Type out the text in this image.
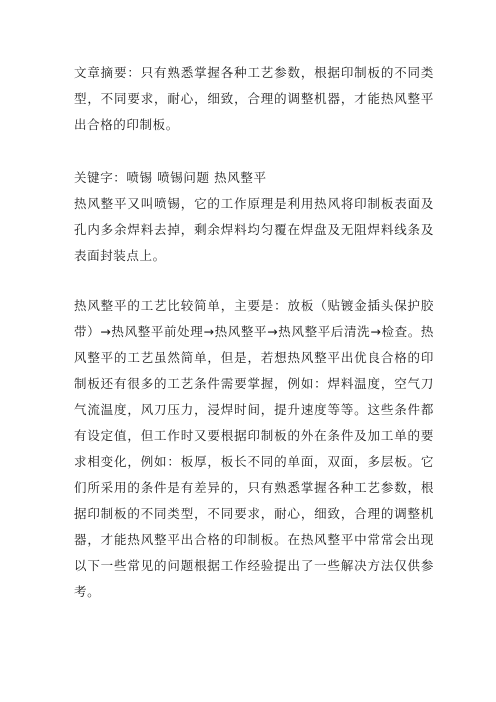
文章摘要：只有熟悉掌握各种工艺参数，根据印制板的不同类型，不同要求，耐心，细致，合理的调整机器，才能热风整平出合格的印制板。

关键字：喷锡 喷锡问题 热风整平

热风整平又叫喷锡，它的工作原理是利用热风将印制板表面及孔内多余焊料去掉，剩余焊料均匀覆在焊盘及无阻焊料线条及表面封装点上。

热风整平的工艺比较简单，主要是：放板（贴镀金插头保护胶带）→热风整平前处理→热风整平→热风整平后清洗→检查。热风整平的工艺虽然简单，但是，若想热风整平出优良合格的印制板还有很多的工艺条件需要掌握，例如：焊料温度，空气刀气流温度，风刀压力，浸焊时间，提升速度等等。这些条件都有设定值，但工作时又要根据印制板的外在条件及加工单的要求相变化，例如：板厚，板长不同的单面，双面，多层板。它们所采用的条件是有差异的，只有熟悉掌握各种工艺参数，根据印制板的不同类型，不同要求，耐心，细致，合理的调整机器，才能热风整平出合格的印制板。在热风整平中常常会出现以下一些常见的问题根据工作经验提出了一些解决方法仅供参考。
